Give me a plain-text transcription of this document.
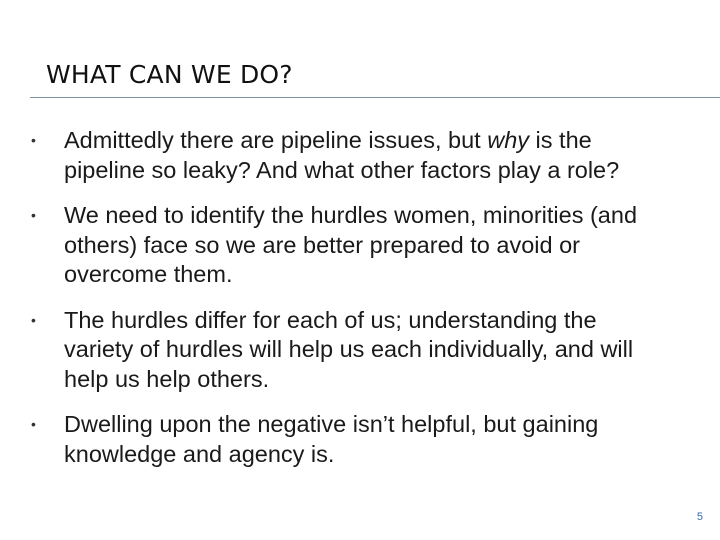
WHAT CAN WE DO?
• Admittedly there are pipeline issues, but why is the pipeline so leaky? And what other factors play a role?
• We need to identify the hurdles women, minorities (and others) face so we are better prepared to avoid or overcome them.
• The hurdles differ for each of us; understanding the variety of hurdles will help us each individually, and will help us help others.
• Dwelling upon the negative isn’t helpful, but gaining knowledge and agency is.
5
